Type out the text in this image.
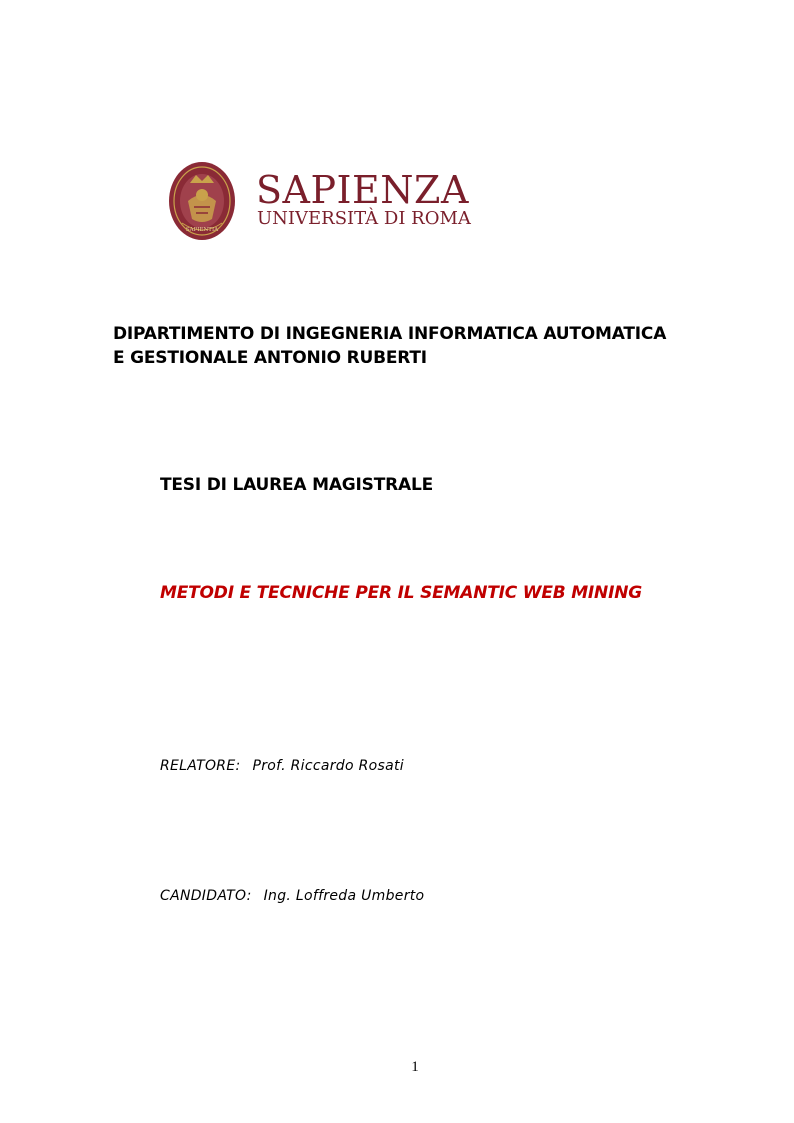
SAPIENTIA
SAPIENZA
UNIVERSITÀ DI ROMA
DIPARTIMENTO DI INGEGNERIA INFORMATICA AUTOMATICA E GESTIONALE ANTONIO RUBERTI
TESI DI LAUREA MAGISTRALE
METODI E TECNICHE PER IL SEMANTIC WEB MINING
RELATORE: Prof. Riccardo Rosati
CANDIDATO: Ing. Loffreda Umberto
1
